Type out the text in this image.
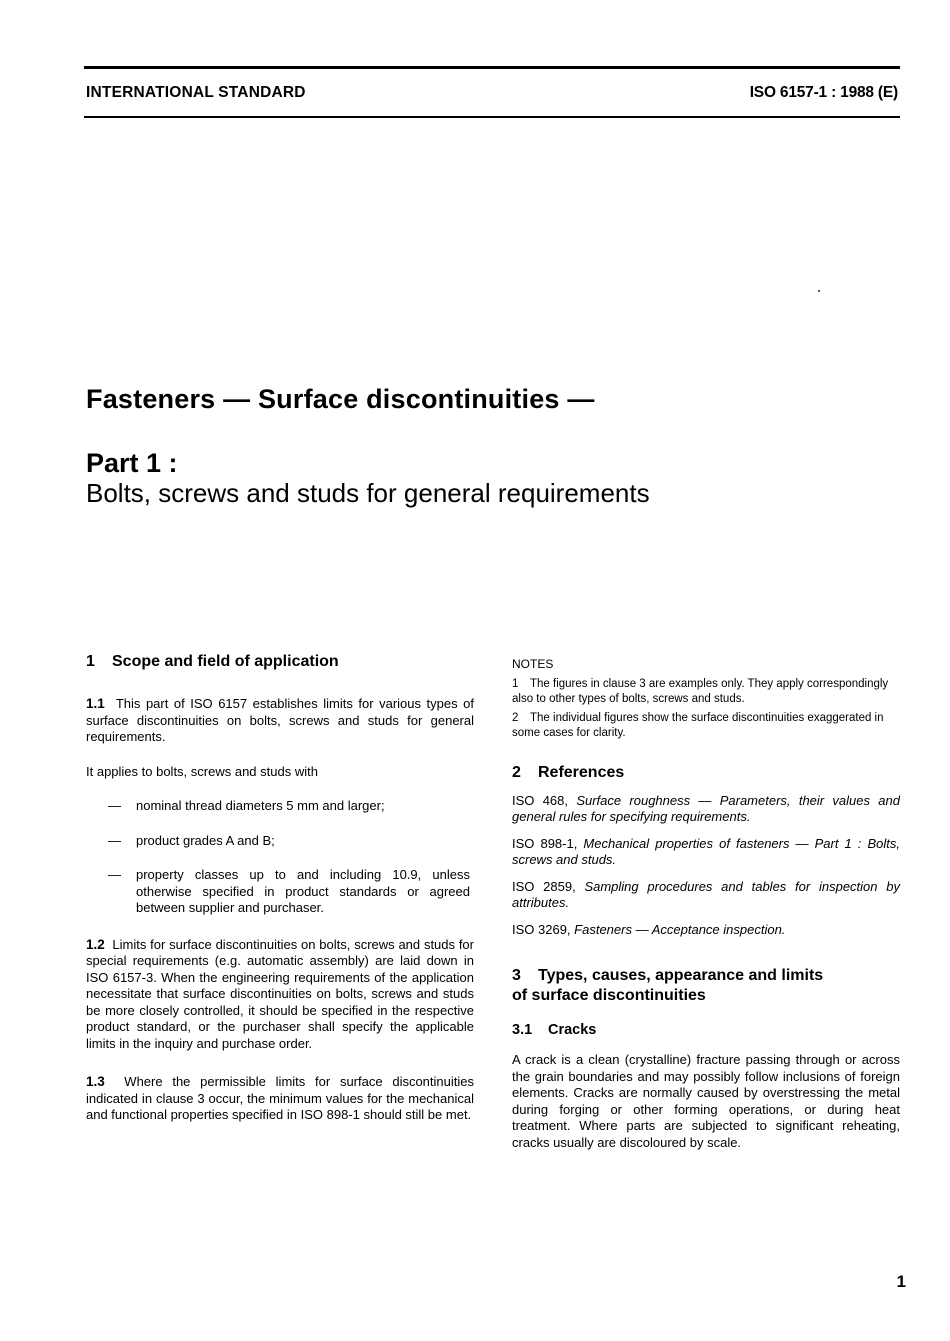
INTERNATIONAL STANDARD	ISO 6157-1 : 1988 (E)
Fasteners — Surface discontinuities —
Part 1 :
Bolts, screws and studs for general requirements

1 Scope and field of application

1.1 This part of ISO 6157 establishes limits for various types of surface discontinuities on bolts, screws and studs for general requirements.

It applies to bolts, screws and studs with

— nominal thread diameters 5 mm and larger;
— product grades A and B;
— property classes up to and including 10.9, unless otherwise specified in product standards or agreed between supplier and purchaser.

1.2 Limits for surface discontinuities on bolts, screws and studs for special requirements (e.g. automatic assembly) are laid down in ISO 6157-3. When the engineering requirements of the application necessitate that surface discontinuities on bolts, screws and studs be more closely controlled, it should be specified in the respective product standard, or the purchaser shall specify the applicable limits in the inquiry and purchase order.

1.3 Where the permissible limits for surface discontinuities indicated in clause 3 occur, the minimum values for the mechanical and functional properties specified in ISO 898-1 should still be met.

NOTES

1 The figures in clause 3 are examples only. They apply correspondingly also to other types of bolts, screws and studs.

2 The individual figures show the surface discontinuities exaggerated in some cases for clarity.

2 References

ISO 468, Surface roughness — Parameters, their values and general rules for specifying requirements.

ISO 898-1, Mechanical properties of fasteners — Part 1 : Bolts, screws and studs.

ISO 2859, Sampling procedures and tables for inspection by attributes.

ISO 3269, Fasteners — Acceptance inspection.

3 Types, causes, appearance and limits
of surface discontinuities

3.1 Cracks

A crack is a clean (crystalline) fracture passing through or across the grain boundaries and may possibly follow inclusions of foreign elements. Cracks are normally caused by overstressing the metal during forging or other forming operations, or during heat treatment. Where parts are subjected to significant reheating, cracks usually are discoloured by scale.

1
